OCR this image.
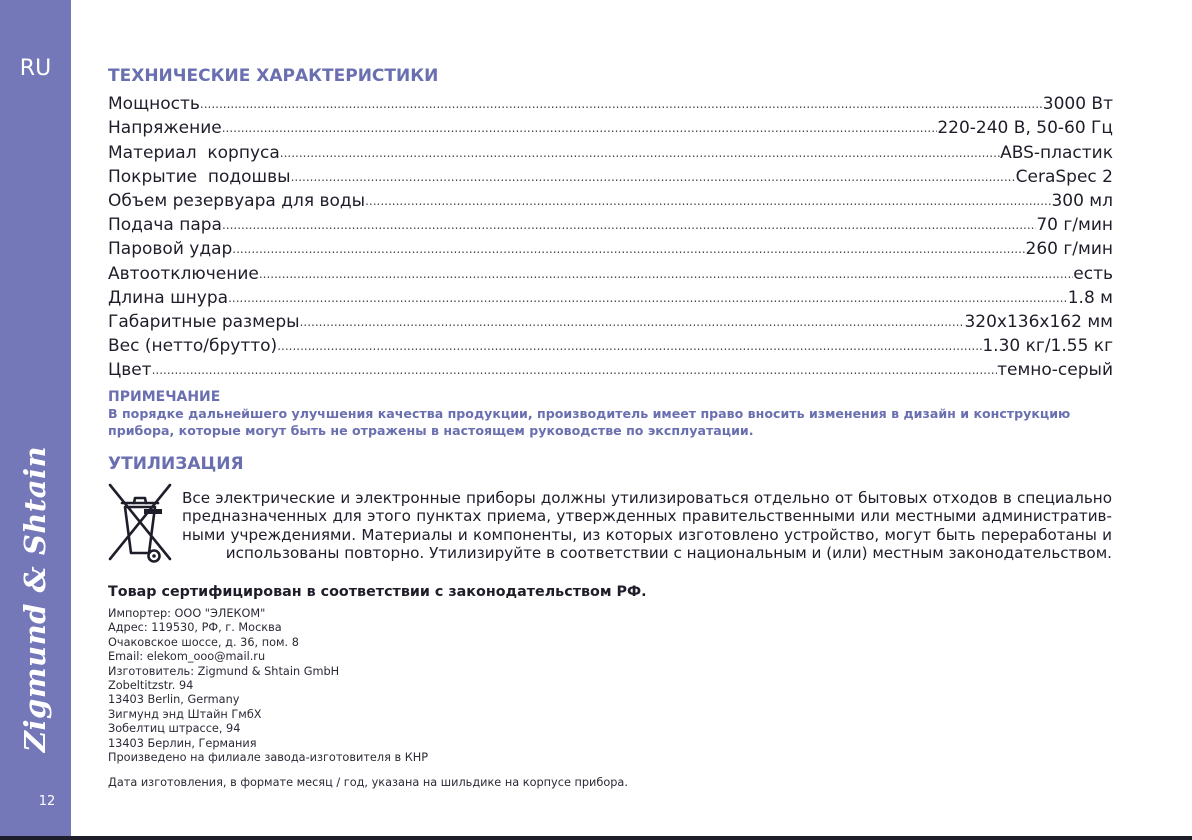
RU
Zigmund & Shtain
12
ТЕХНИЧЕСКИЕ ХАРАКТЕРИСТИКИ
Мощность .....	3000 Вт
Напряжение .....	220-240 В, 50-60 Гц
Материал  корпуса .....	ABS-пластик
Покрытие  подошвы .....	CeraSpec 2
Объем резервуара для воды .....	300 мл
Подача пара .....	70 г/мин
Паровой удар .....	260 г/мин
Автоотключение .....	есть
Длина шнура .....	1.8 м
Габаритные размеры .....	320x136x162 мм
Вес (нетто/брутто) .....	1.30 кг/1.55 кг
Цвет .....	темно-серый
ПРИМЕЧАНИЕ
В порядке дальнейшего улучшения качества продукции, производитель имеет право вносить изменения в дизайн и конструкцию прибора, которые могут быть не отражены в настоящем руководстве по эксплуатации.
УТИЛИЗАЦИЯ
Все электрические и электронные приборы должны утилизироваться отдельно от бытовых отходов в специально предназначенных для этого пунктах приема, утвержденных правительственными или местными административ-ными учреждениями. Материалы и компоненты, из которых изготовлено устройство, могут быть переработаны и использованы повторно. Утилизируйте в соответствии с национальным и (или) местным законодательством.
Товар сертифицирован в соответствии с законодательством РФ.
Импортер: ООО "ЭЛЕКОМ"
Адрес: 119530, РФ, г. Москва
Очаковское шоссе, д. 36, пом. 8
Email: elekom_ooo@mail.ru
Изготовитель: Zigmund & Shtain GmbH
Zobeltitzstr. 94
13403 Berlin, Germany
Зигмунд энд Штайн ГмбХ
Зобелтиц штрассе, 94
13403 Берлин, Германия
Произведено на филиале завода-изготовителя в КНР
Дата изготовления, в формате месяц / год, указана на шильдике на корпусе прибора.
